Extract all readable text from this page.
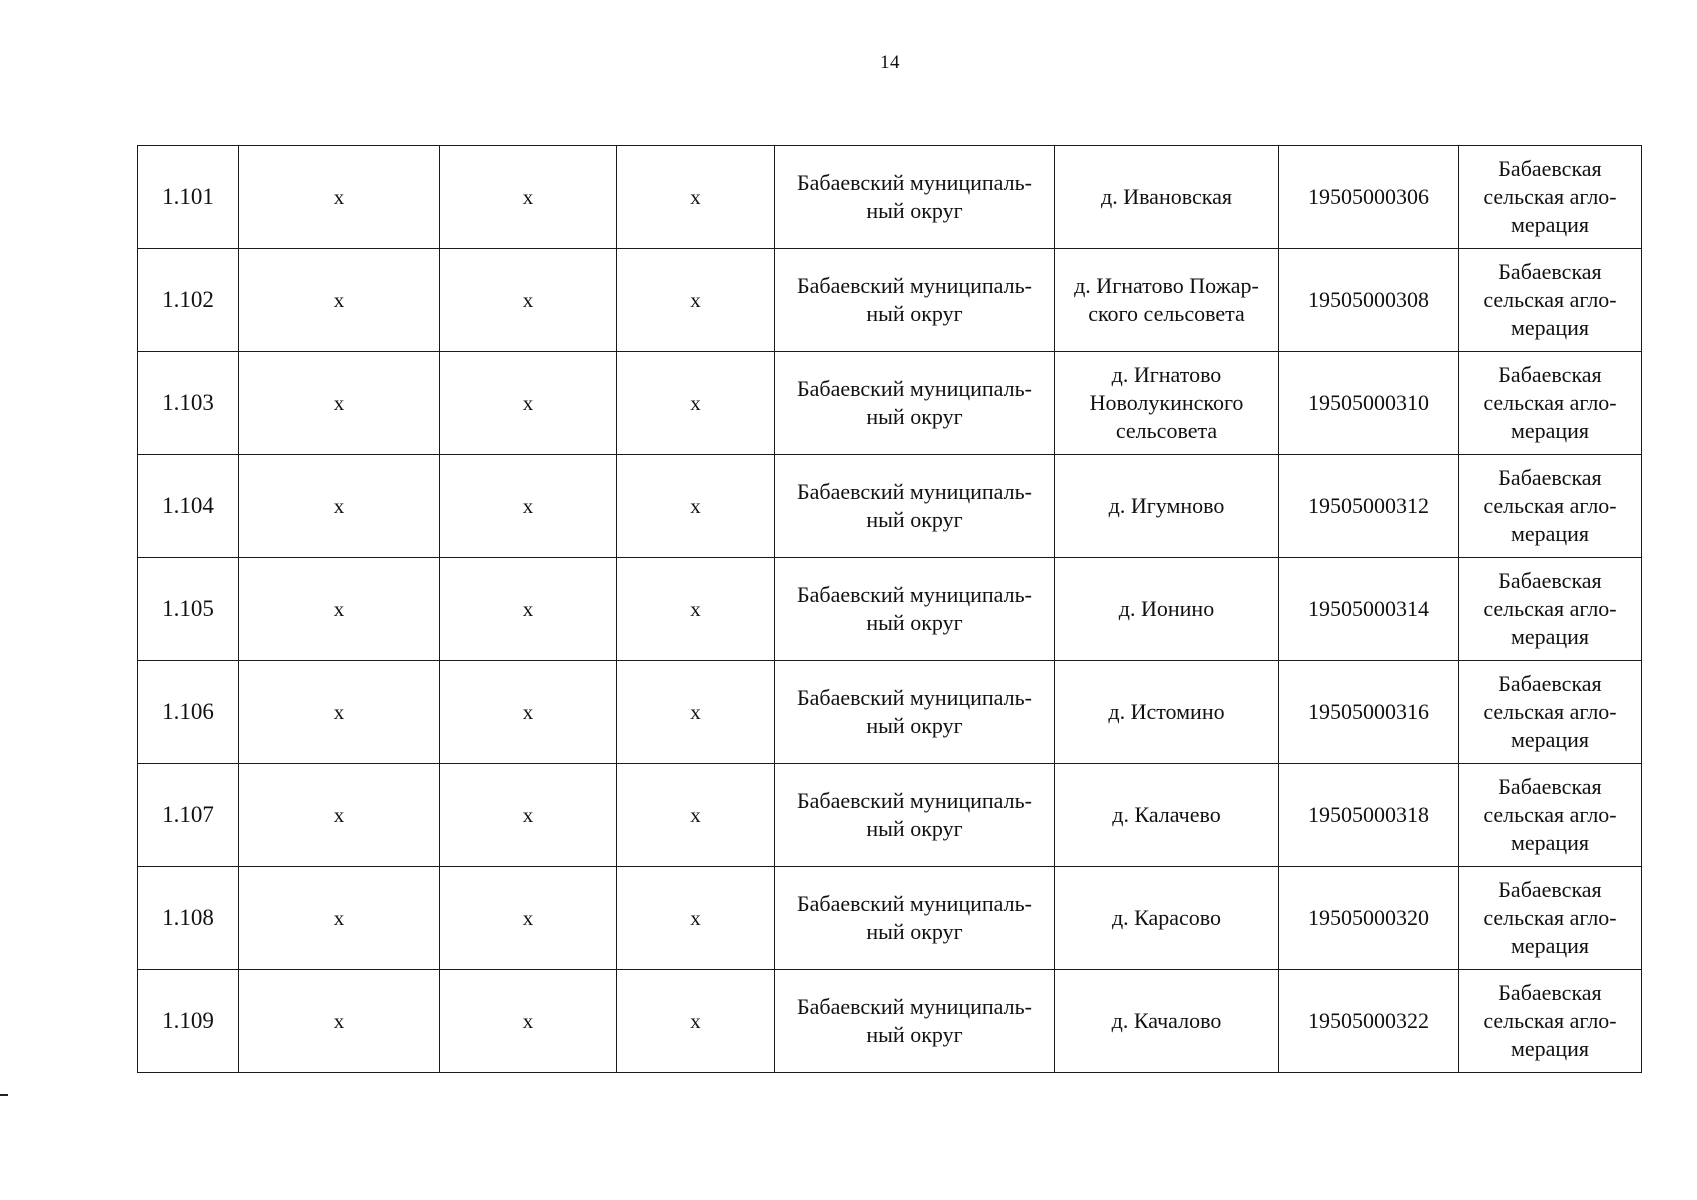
14
1.101	х	х	х	Бабаевский муниципаль-ный округ	д. Ивановская	19505000306	Бабаевская сельская агло-мерация
1.102	х	х	х	Бабаевский муниципаль-ный округ	д. Игнатово Пожар-ского сельсовета	19505000308	Бабаевская сельская агло-мерация
1.103	х	х	х	Бабаевский муниципаль-ный округ	д. Игнатово Новолукинского сельсовета	19505000310	Бабаевская сельская агло-мерация
1.104	х	х	х	Бабаевский муниципаль-ный округ	д. Игумново	19505000312	Бабаевская сельская агло-мерация
1.105	х	х	х	Бабаевский муниципаль-ный округ	д. Ионино	19505000314	Бабаевская сельская агло-мерация
1.106	х	х	х	Бабаевский муниципаль-ный округ	д. Истомино	19505000316	Бабаевская сельская агло-мерация
1.107	х	х	х	Бабаевский муниципаль-ный округ	д. Калачево	19505000318	Бабаевская сельская агло-мерация
1.108	х	х	х	Бабаевский муниципаль-ный округ	д. Карасово	19505000320	Бабаевская сельская агло-мерация
1.109	х	х	х	Бабаевский муниципаль-ный округ	д. Качалово	19505000322	Бабаевская сельская агло-мерация
